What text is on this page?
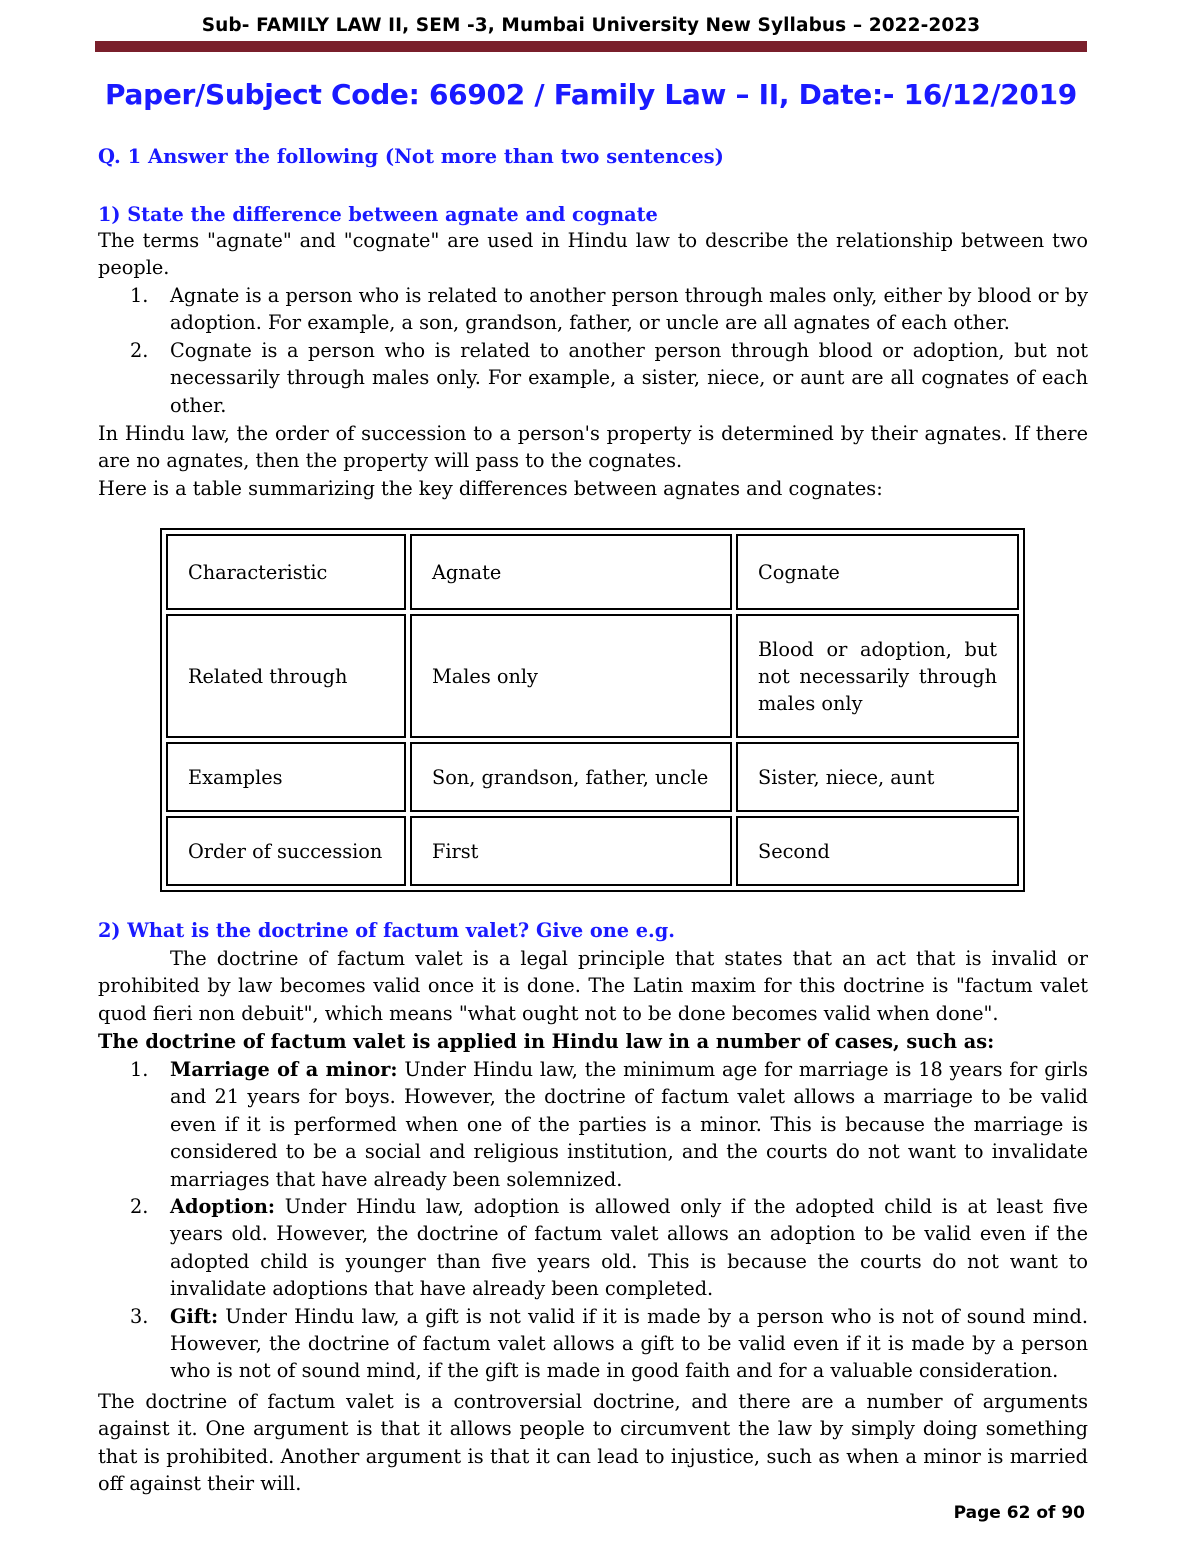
Sub- FAMILY LAW II, SEM -3, Mumbai University New Syllabus – 2022-2023
Paper/Subject Code: 66902 / Family Law – II, Date:- 16/12/2019
Q. 1 Answer the following (Not more than two sentences)
1) State the difference between agnate and cognate
The terms "agnate" and "cognate" are used in Hindu law to describe the relationship between two people.
1. Agnate is a person who is related to another person through males only, either by blood or by adoption. For example, a son, grandson, father, or uncle are all agnates of each other.
2. Cognate is a person who is related to another person through blood or adoption, but not necessarily through males only. For example, a sister, niece, or aunt are all cognates of each other.
In Hindu law, the order of succession to a person's property is determined by their agnates. If there are no agnates, then the property will pass to the cognates.
Here is a table summarizing the key differences between agnates and cognates:
Characteristic	Agnate	Cognate
Related through	Males only	Blood or adoption, but not necessarily through males only
Examples	Son, grandson, father, uncle	Sister, niece, aunt
Order of succession	First	Second
2) What is the doctrine of factum valet? Give one e.g.
The doctrine of factum valet is a legal principle that states that an act that is invalid or prohibited by law becomes valid once it is done. The Latin maxim for this doctrine is "factum valet quod fieri non debuit", which means "what ought not to be done becomes valid when done".
The doctrine of factum valet is applied in Hindu law in a number of cases, such as:
1. Marriage of a minor: Under Hindu law, the minimum age for marriage is 18 years for girls and 21 years for boys. However, the doctrine of factum valet allows a marriage to be valid even if it is performed when one of the parties is a minor. This is because the marriage is considered to be a social and religious institution, and the courts do not want to invalidate marriages that have already been solemnized.
2. Adoption: Under Hindu law, adoption is allowed only if the adopted child is at least five years old. However, the doctrine of factum valet allows an adoption to be valid even if the adopted child is younger than five years old. This is because the courts do not want to invalidate adoptions that have already been completed.
3. Gift: Under Hindu law, a gift is not valid if it is made by a person who is not of sound mind. However, the doctrine of factum valet allows a gift to be valid even if it is made by a person who is not of sound mind, if the gift is made in good faith and for a valuable consideration.
The doctrine of factum valet is a controversial doctrine, and there are a number of arguments against it. One argument is that it allows people to circumvent the law by simply doing something that is prohibited. Another argument is that it can lead to injustice, such as when a minor is married off against their will.
Page 62 of 90
